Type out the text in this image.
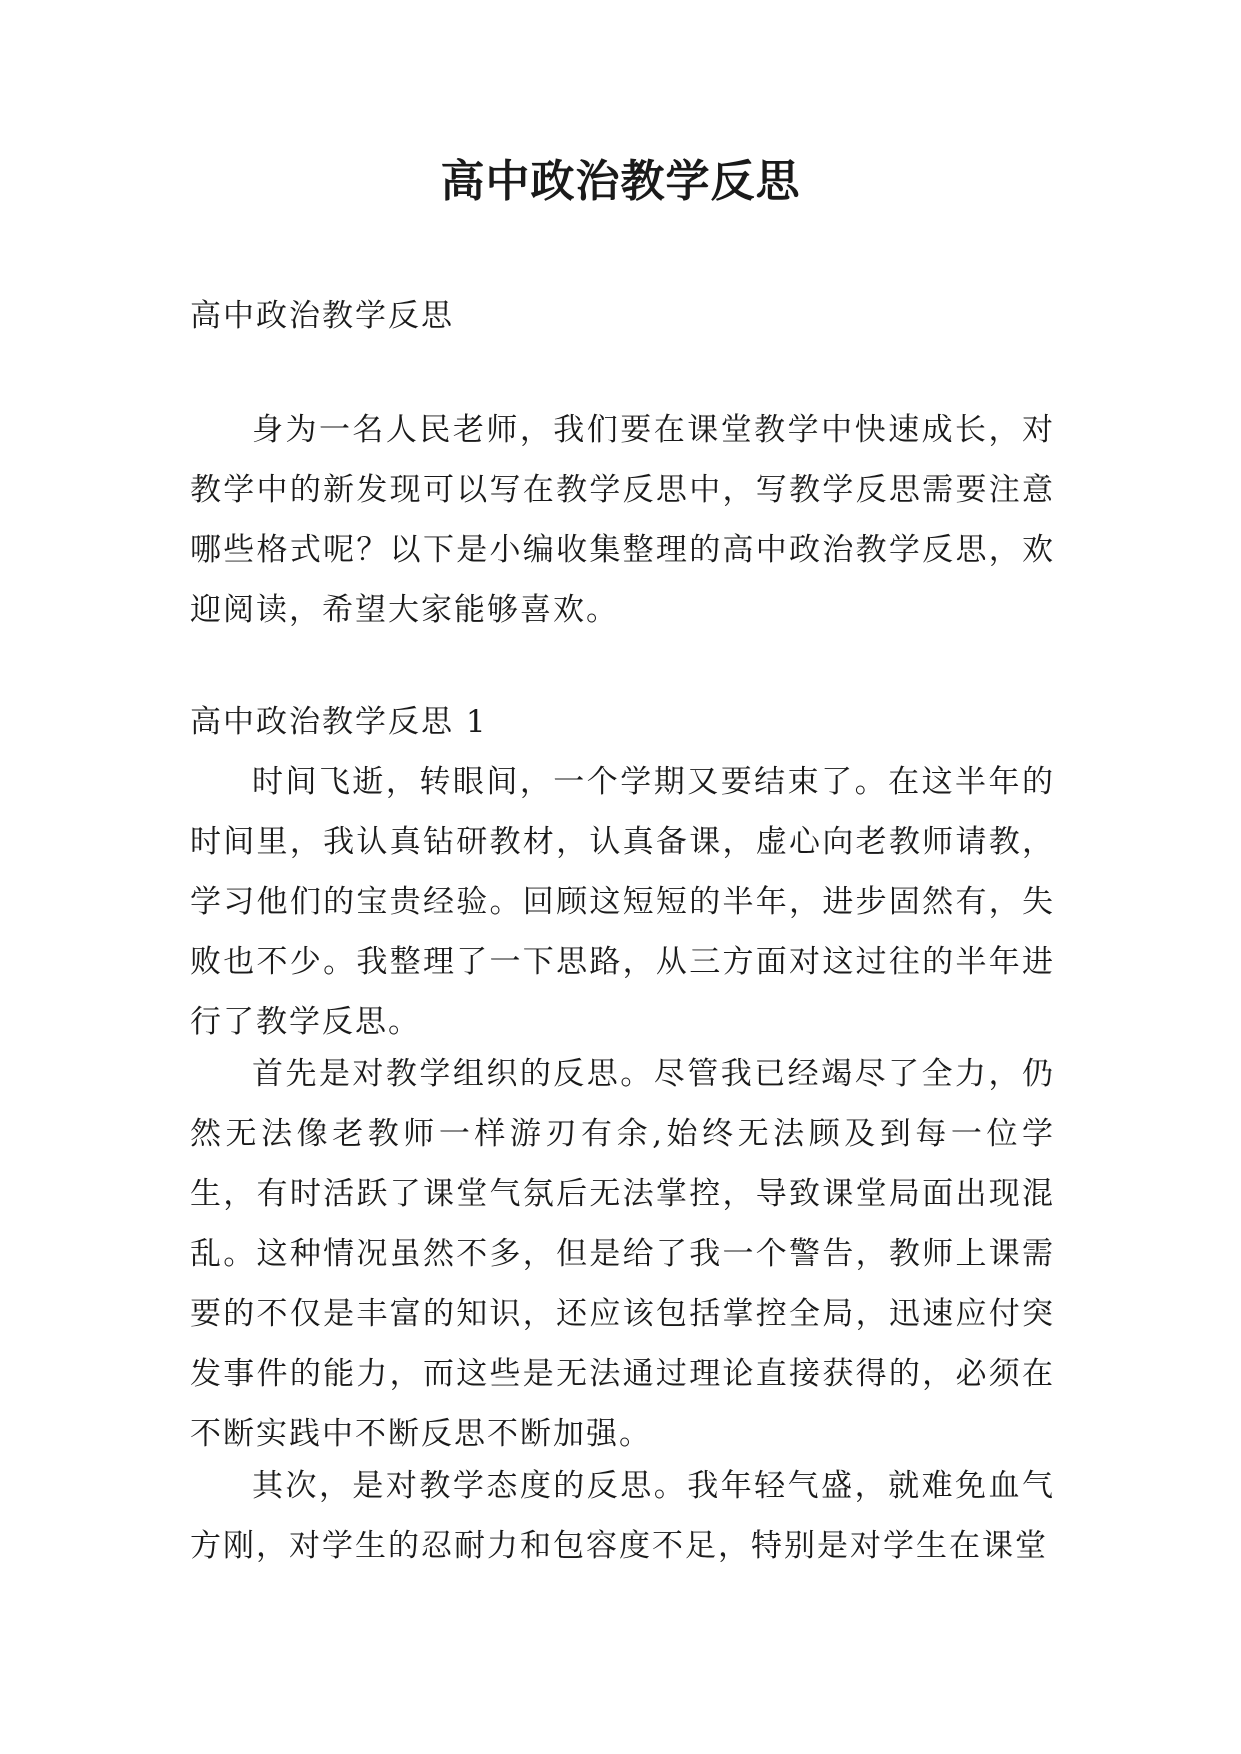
高中政治教学反思

高中政治教学反思

身为一名人民老师，我们要在课堂教学中快速成长，对教学中的新发现可以写在教学反思中，写教学反思需要注意哪些格式呢？以下是小编收集整理的高中政治教学反思，欢迎阅读，希望大家能够喜欢。

高中政治教学反思 1

时间飞逝，转眼间，一个学期又要结束了。在这半年的时间里，我认真钻研教材，认真备课，虚心向老教师请教，学习他们的宝贵经验。回顾这短短的半年，进步固然有，失败也不少。我整理了一下思路，从三方面对这过往的半年进行了教学反思。

首先是对教学组织的反思。尽管我已经竭尽了全力，仍然无法像老教师一样游刃有余,始终无法顾及到每一位学生，有时活跃了课堂气氛后无法掌控，导致课堂局面出现混乱。这种情况虽然不多，但是给了我一个警告，教师上课需要的不仅是丰富的知识，还应该包括掌控全局，迅速应付突发事件的能力，而这些是无法通过理论直接获得的，必须在不断实践中不断反思不断加强。

其次，是对教学态度的反思。我年轻气盛，就难免血气方刚，对学生的忍耐力和包容度不足，特别是对学生在课堂
